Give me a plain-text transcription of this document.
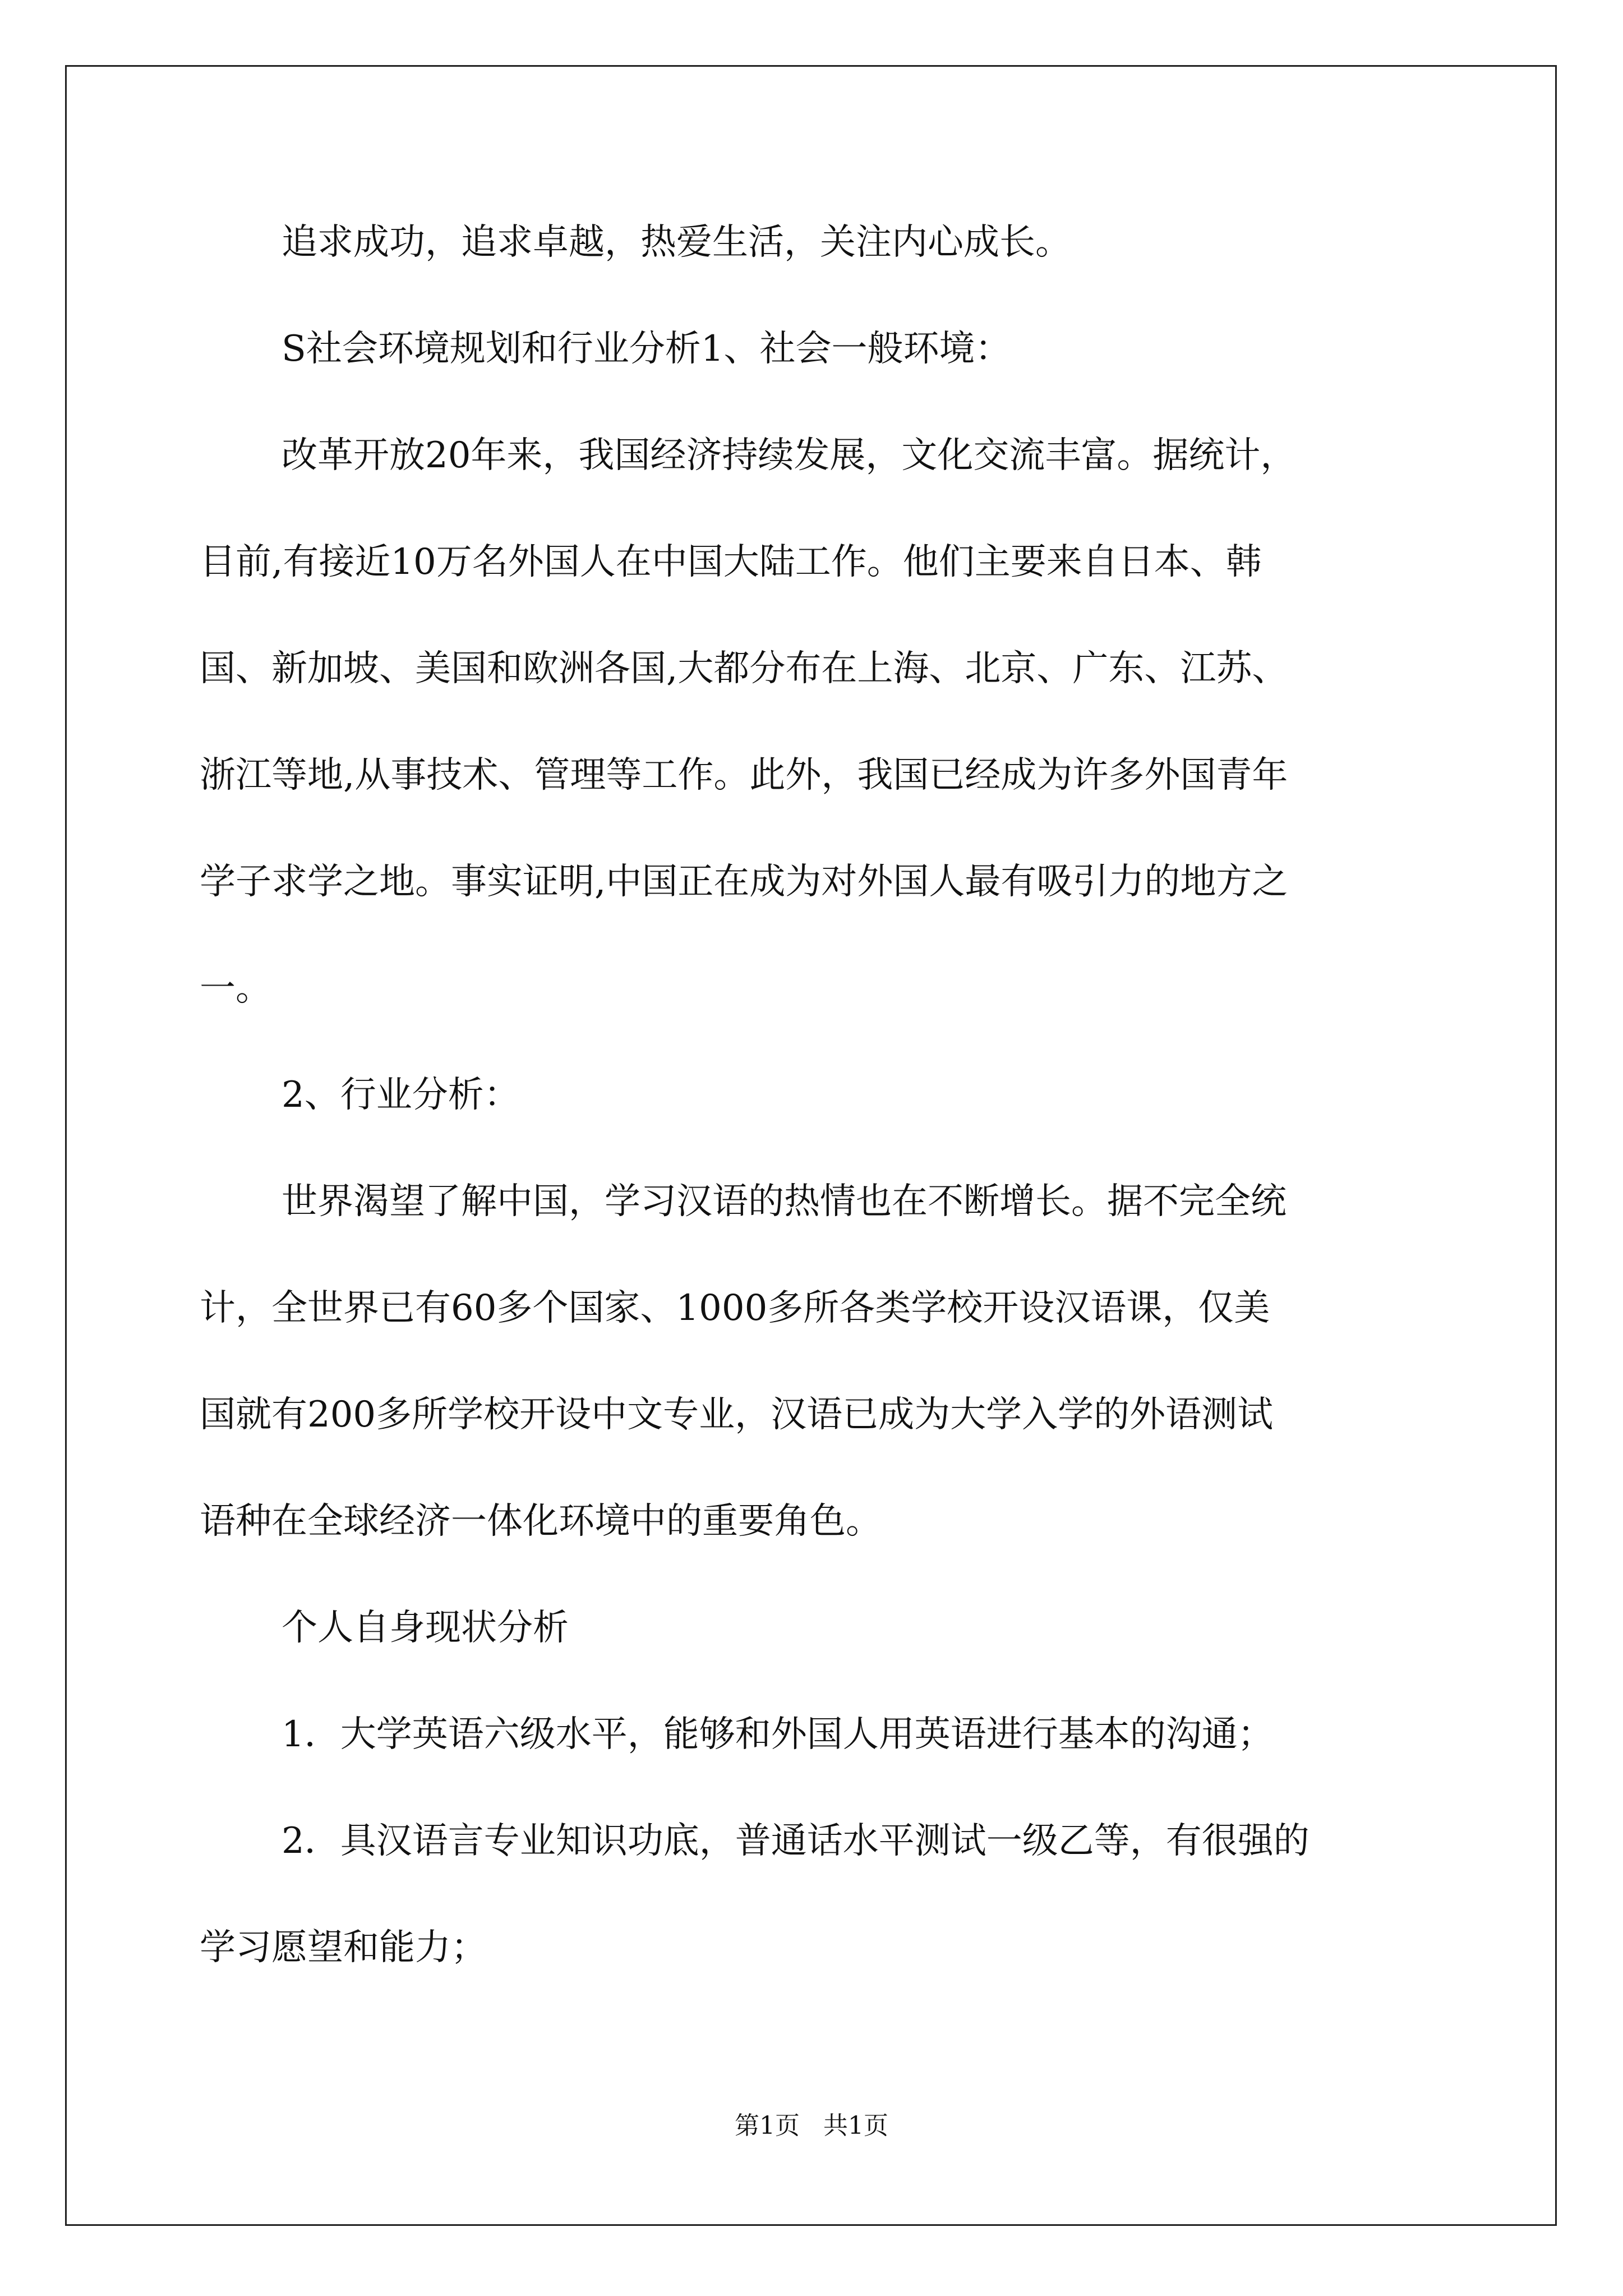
追求成功，追求卓越，热爱生活，关注内心成长。
S社会环境规划和行业分析1、社会一般环境：
改革开放20年来，我国经济持续发展，文化交流丰富。据统计，
目前,有接近10万名外国人在中国大陆工作。他们主要来自日本、韩
国、新加坡、美国和欧洲各国,大都分布在上海、北京、广东、江苏、
浙江等地,从事技术、管理等工作。此外，我国已经成为许多外国青年
学子求学之地。事实证明,中国正在成为对外国人最有吸引力的地方之
一。
2、行业分析：
世界渴望了解中国，学习汉语的热情也在不断增长。据不完全统
计，全世界已有60多个国家、1000多所各类学校开设汉语课，仅美
国就有200多所学校开设中文专业，汉语已成为大学入学的外语测试
语种在全球经济一体化环境中的重要角色。
个人自身现状分析
1．大学英语六级水平，能够和外国人用英语进行基本的沟通；
2．具汉语言专业知识功底，普通话水平测试一级乙等，有很强的
学习愿望和能力；
第1页   共1页
